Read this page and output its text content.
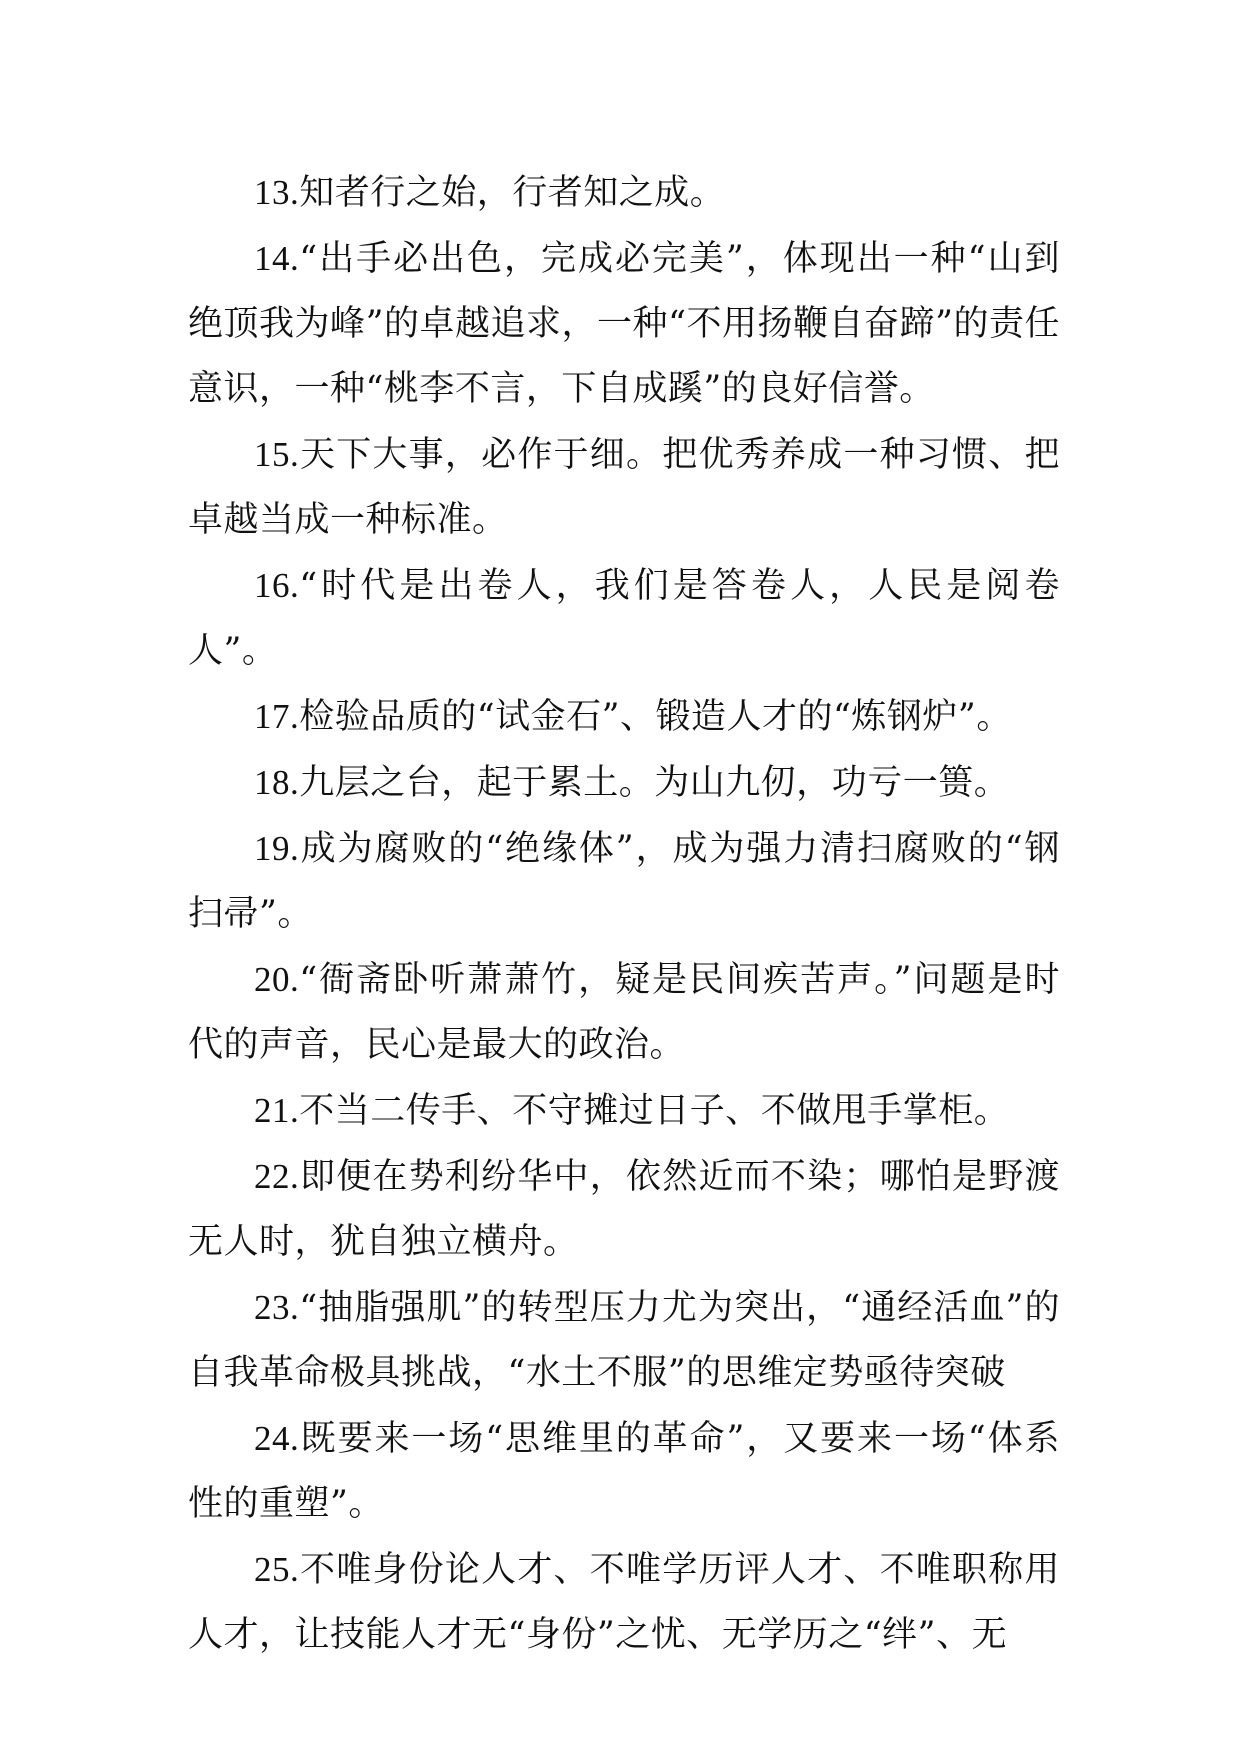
13.知者行之始，行者知之成。

14.“出手必出色，完成必完美”，体现出一种“山到绝顶我为峰”的卓越追求，一种“不用扬鞭自奋蹄”的责任意识，一种“桃李不言，下自成蹊”的良好信誉。

15.天下大事，必作于细。把优秀养成一种习惯、把卓越当成一种标准。

16.“时代是出卷人，我们是答卷人，人民是阅卷人”。

17.检验品质的“试金石”、锻造人才的“炼钢炉”。

18.九层之台，起于累土。为山九仞，功亏一篑。

19.成为腐败的“绝缘体”，成为强力清扫腐败的“钢扫帚”。

20.“衙斋卧听萧萧竹，疑是民间疾苦声。”问题是时代的声音，民心是最大的政治。

21.不当二传手、不守摊过日子、不做甩手掌柜。

22.即便在势利纷华中，依然近而不染；哪怕是野渡无人时，犹自独立横舟。

23.“抽脂强肌”的转型压力尤为突出，“通经活血”的自我革命极具挑战，“水土不服”的思维定势亟待突破

24.既要来一场“思维里的革命”，又要来一场“体系性的重塑”。

25.不唯身份论人才、不唯学历评人才、不唯职称用人才，让技能人才无“身份”之忧、无学历之“绊”、无
